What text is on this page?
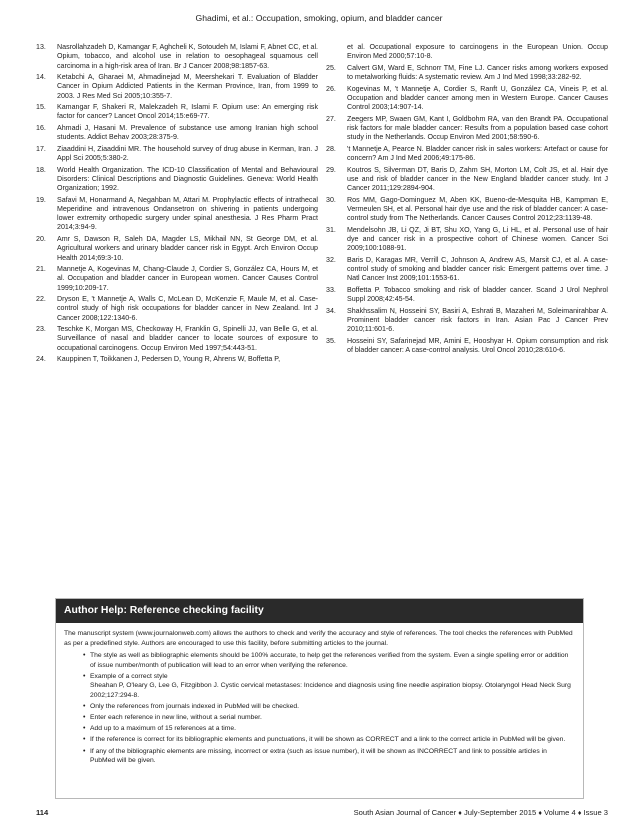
Ghadimi, et al.: Occupation, smoking, opium, and bladder cancer
13.	Nasrollahzadeh D, Kamangar F, Aghcheli K, Sotoudeh M, Islami F, Abnet CC, et al. Opium, tobacco, and alcohol use in relation to oesophageal squamous cell carcinoma in a high-risk area of Iran. Br J Cancer 2008;98:1857-63.
14.	Ketabchi A, Gharaei M, Ahmadinejad M, Meershekari T. Evaluation of Bladder Cancer in Opium Addicted Patients in the Kerman Province, Iran, from 1999 to 2003. J Res Med Sci 2005;10:355-7.
15.	Kamangar F, Shakeri R, Malekzadeh R, Islami F. Opium use: An emerging risk factor for cancer? Lancet Oncol 2014;15:e69-77.
16.	Ahmadi J, Hasani M. Prevalence of substance use among Iranian high school students. Addict Behav 2003;28:375-9.
17.	Ziaaddini H, Ziaaddini MR. The household survey of drug abuse in Kerman, Iran. J Appl Sci 2005;5:380-2.
18.	World Health Organization. The ICD-10 Classification of Mental and Behavioural Disorders: Clinical Descriptions and Diagnostic Guidelines. Geneva: World Health Organization; 1992.
19.	Safavi M, Honarmand A, Negahban M, Attari M. Prophylactic effects of intrathecal Meperidine and intravenous Ondansetron on shivering in patients undergoing lower extremity orthopedic surgery under spinal anesthesia. J Res Pharm Pract 2014;3:94-9.
20.	Amr S, Dawson R, Saleh DA, Magder LS, Mikhail NN, St George DM, et al. Agricultural workers and urinary bladder cancer risk in Egypt. Arch Environ Occup Health 2014;69:3-10.
21.	Mannetje A, Kogevinas M, Chang-Claude J, Cordier S, González CA, Hours M, et al. Occupation and bladder cancer in European women. Cancer Causes Control 1999;10:209-17.
22.	Dryson E, 't Mannetje A, Walls C, McLean D, McKenzie F, Maule M, et al. Case-control study of high risk occupations for bladder cancer in New Zealand. Int J Cancer 2008;122:1340-6.
23.	Teschke K, Morgan MS, Checkoway H, Franklin G, Spinelli JJ, van Belle G, et al. Surveillance of nasal and bladder cancer to locate sources of exposure to occupational carcinogens. Occup Environ Med 1997;54:443-51.
24.	Kauppinen T, Toikkanen J, Pedersen D, Young R, Ahrens W, Boffetta P,
et al. Occupational exposure to carcinogens in the European Union. Occup Environ Med 2000;57:10-8.
25.	Calvert GM, Ward E, Schnorr TM, Fine LJ. Cancer risks among workers exposed to metalworking fluids: A systematic review. Am J Ind Med 1998;33:282-92.
26.	Kogevinas M, 't Mannetje A, Cordier S, Ranft U, González CA, Vineis P, et al. Occupation and bladder cancer among men in Western Europe. Cancer Causes Control 2003;14:907-14.
27.	Zeegers MP, Swaen GM, Kant I, Goldbohm RA, van den Brandt PA. Occupational risk factors for male bladder cancer: Results from a population based case cohort study in the Netherlands. Occup Environ Med 2001;58:590-6.
28.	't Mannetje A, Pearce N. Bladder cancer risk in sales workers: Artefact or cause for concern? Am J Ind Med 2006;49:175-86.
29.	Koutros S, Silverman DT, Baris D, Zahm SH, Morton LM, Colt JS, et al. Hair dye use and risk of bladder cancer in the New England bladder cancer study. Int J Cancer 2011;129:2894-904.
30.	Ros MM, Gago-Dominguez M, Aben KK, Bueno-de-Mesquita HB, Kampman E, Vermeulen SH, et al. Personal hair dye use and the risk of bladder cancer: A case-control study from The Netherlands. Cancer Causes Control 2012;23:1139-48.
31.	Mendelsohn JB, Li QZ, Ji BT, Shu XO, Yang G, Li HL, et al. Personal use of hair dye and cancer risk in a prospective cohort of Chinese women. Cancer Sci 2009;100:1088-91.
32.	Baris D, Karagas MR, Verrill C, Johnson A, Andrew AS, Marsit CJ, et al. A case-control study of smoking and bladder cancer risk: Emergent patterns over time. J Natl Cancer Inst 2009;101:1553-61.
33.	Boffetta P. Tobacco smoking and risk of bladder cancer. Scand J Urol Nephrol Suppl 2008;42:45-54.
34.	Shakhssalim N, Hosseini SY, Basiri A, Eshrati B, Mazaheri M, Soleimanirahbar A. Prominent bladder cancer risk factors in Iran. Asian Pac J Cancer Prev 2010;11:601-6.
35.	Hosseini SY, Safarinejad MR, Amini E, Hooshyar H. Opium consumption and risk of bladder cancer: A case-control analysis. Urol Oncol 2010;28:610-6.
Author Help: Reference checking facility

The manuscript system (www.journalonweb.com) allows the authors to check and verify the accuracy and style of references. The tool checks the references with PubMed as per a predefined style. Authors are encouraged to use this facility, before submitting articles to the journal.

• The style as well as bibliographic elements should be 100% accurate, to help get the references verified from the system. Even a single spelling error or addition of issue number/month of publication will lead to an error when verifying the reference.
• Example of a correct style
Sheahan P, O'leary G, Lee G, Fitzgibbon J. Cystic cervical metastases: Incidence and diagnosis using fine needle aspiration biopsy. Otolaryngol Head Neck Surg 2002;127:294-8.
• Only the references from journals indexed in PubMed will be checked.
• Enter each reference in new line, without a serial number.
• Add up to a maximum of 15 references at a time.
• If the reference is correct for its bibliographic elements and punctuations, it will be shown as CORRECT and a link to the correct article in PubMed will be given.
• If any of the bibliographic elements are missing, incorrect or extra (such as issue number), it will be shown as INCORRECT and link to possible articles in PubMed will be given.
114	South Asian Journal of Cancer ♦ July-September 2015 ♦ Volume 4 ♦ Issue 3
